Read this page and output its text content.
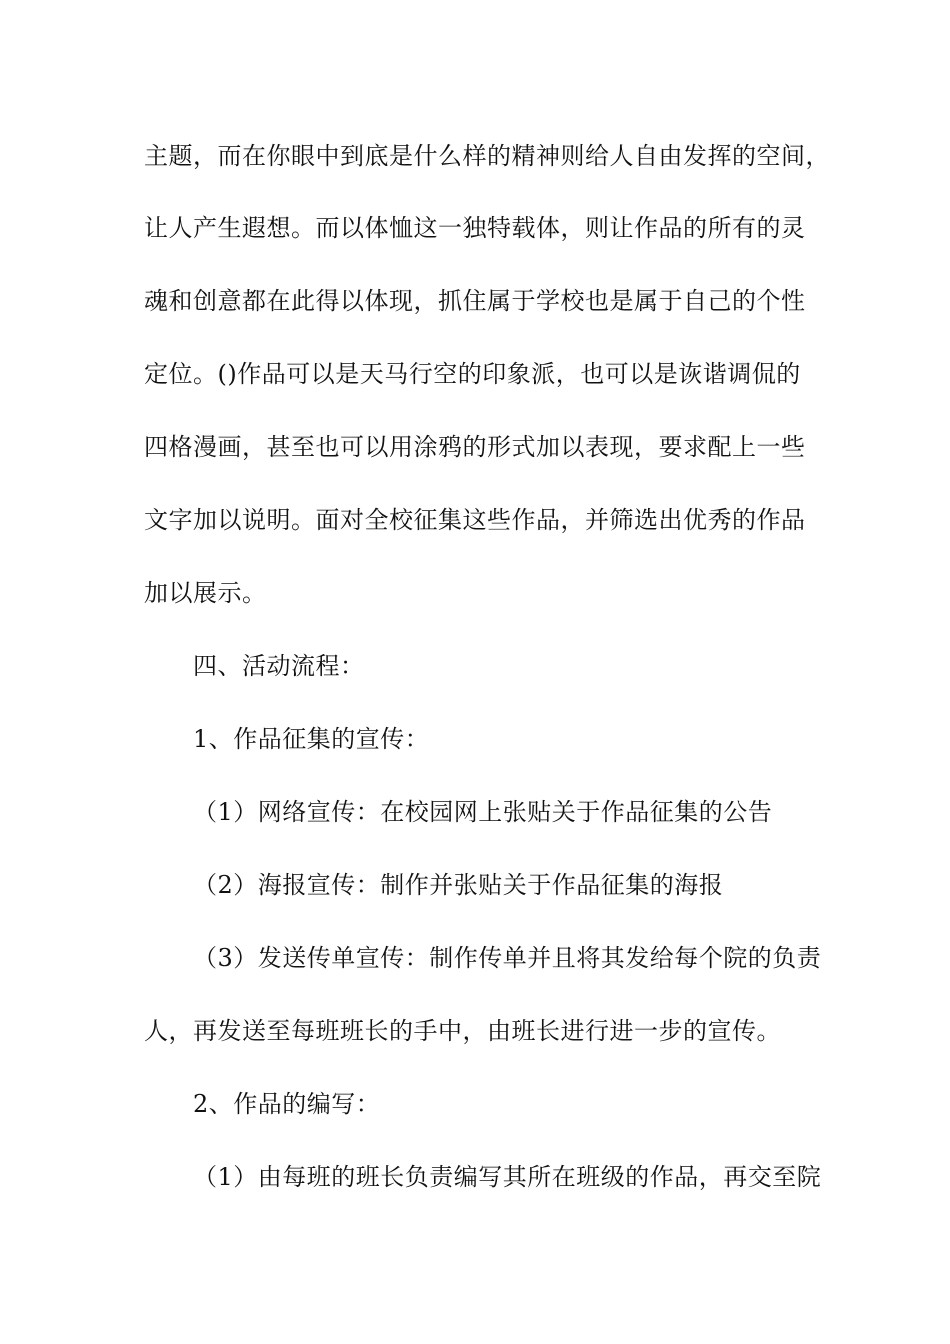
主题，而在你眼中到底是什么样的精神则给人自由发挥的空间，
让人产生遐想。而以体恤这一独特载体，则让作品的所有的灵
魂和创意都在此得以体现，抓住属于学校也是属于自己的个性
定位。()作品可以是天马行空的印象派，也可以是诙谐调侃的
四格漫画，甚至也可以用涂鸦的形式加以表现，要求配上一些
文字加以说明。面对全校征集这些作品，并筛选出优秀的作品
加以展示。
四、活动流程：
1、作品征集的宣传：
（1）网络宣传：在校园网上张贴关于作品征集的公告
（2）海报宣传：制作并张贴关于作品征集的海报
（3）发送传单宣传：制作传单并且将其发给每个院的负责
人，再发送至每班班长的手中，由班长进行进一步的宣传。
2、作品的编写：
（1）由每班的班长负责编写其所在班级的作品，再交至院
